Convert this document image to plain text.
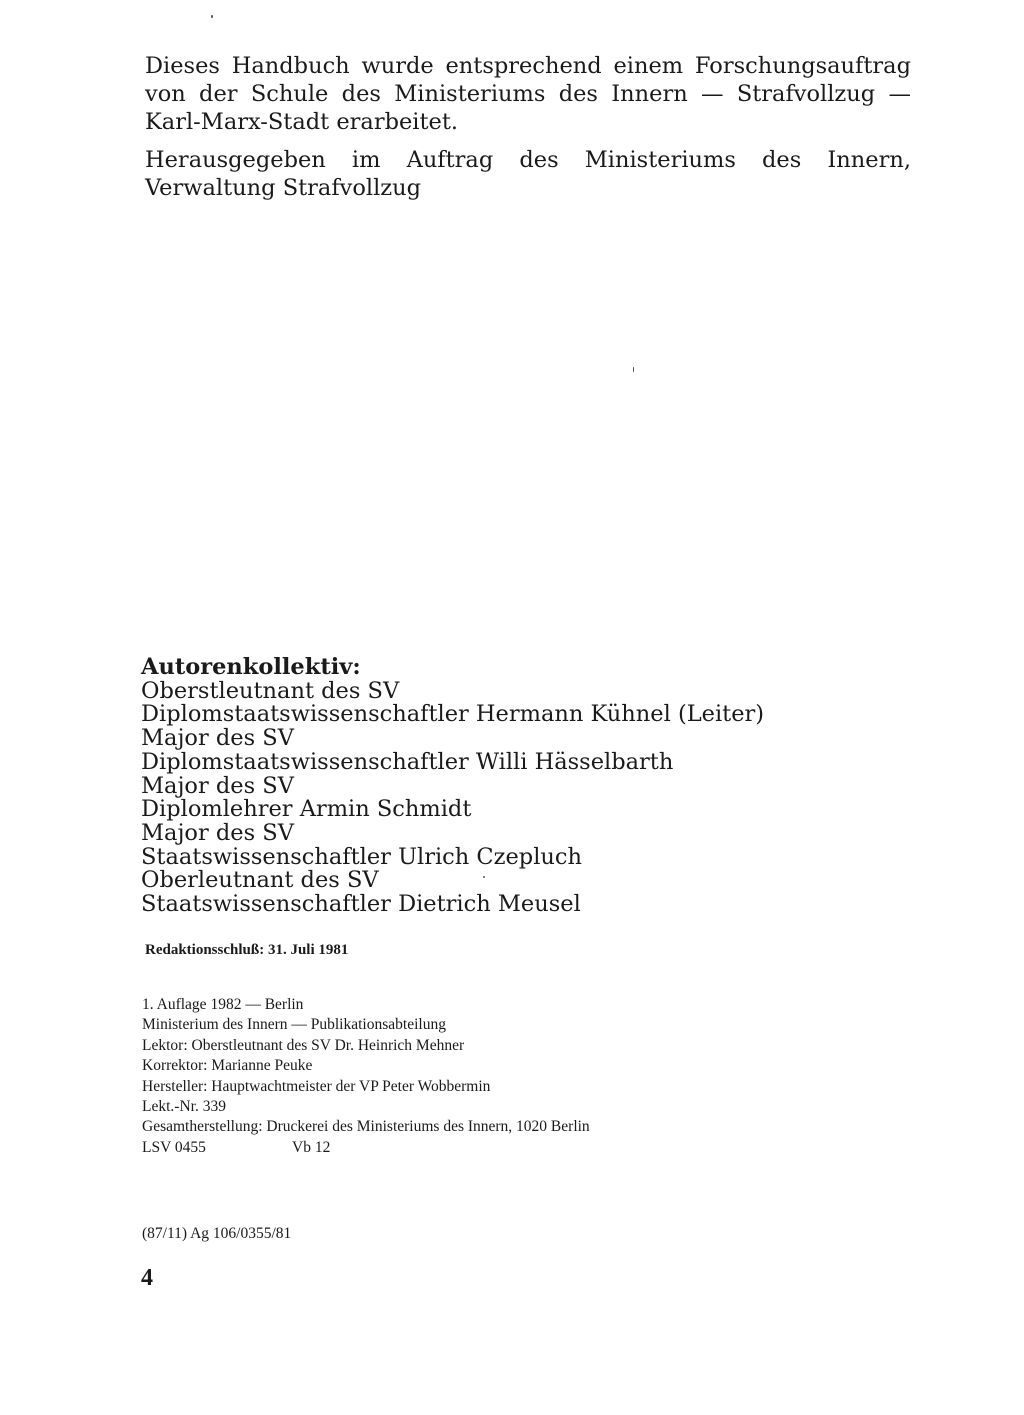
Dieses Handbuch wurde entsprechend einem Forschungsauftrag von der Schule des Ministeriums des Innern — Strafvollzug — Karl-Marx-Stadt erarbeitet.

Herausgegeben im Auftrag des Ministeriums des Innern, Verwaltung Strafvollzug

Autorenkollektiv:
Oberstleutnant des SV
Diplomstaatswissenschaftler Hermann Kühnel (Leiter)
Major des SV
Diplomstaatswissenschaftler Willi Hässelbarth
Major des SV
Diplomlehrer Armin Schmidt
Major des SV
Staatswissenschaftler Ulrich Czepluch
Oberleutnant des SV
Staatswissenschaftler Dietrich Meusel
Redaktionsschluß: 31. Juli 1981
1. Auflage 1982 — Berlin
Ministerium des Innern — Publikationsabteilung
Lektor: Oberstleutnant des SV Dr. Heinrich Mehner
Korrektor: Marianne Peuke
Hersteller: Hauptwachtmeister der VP Peter Wobbermin
Lekt.-Nr. 339
Gesamtherstellung: Druckerei des Ministeriums des Innern, 1020 Berlin
LSV 0455	Vb 12
(87/11) Ag 106/0355/81
4
